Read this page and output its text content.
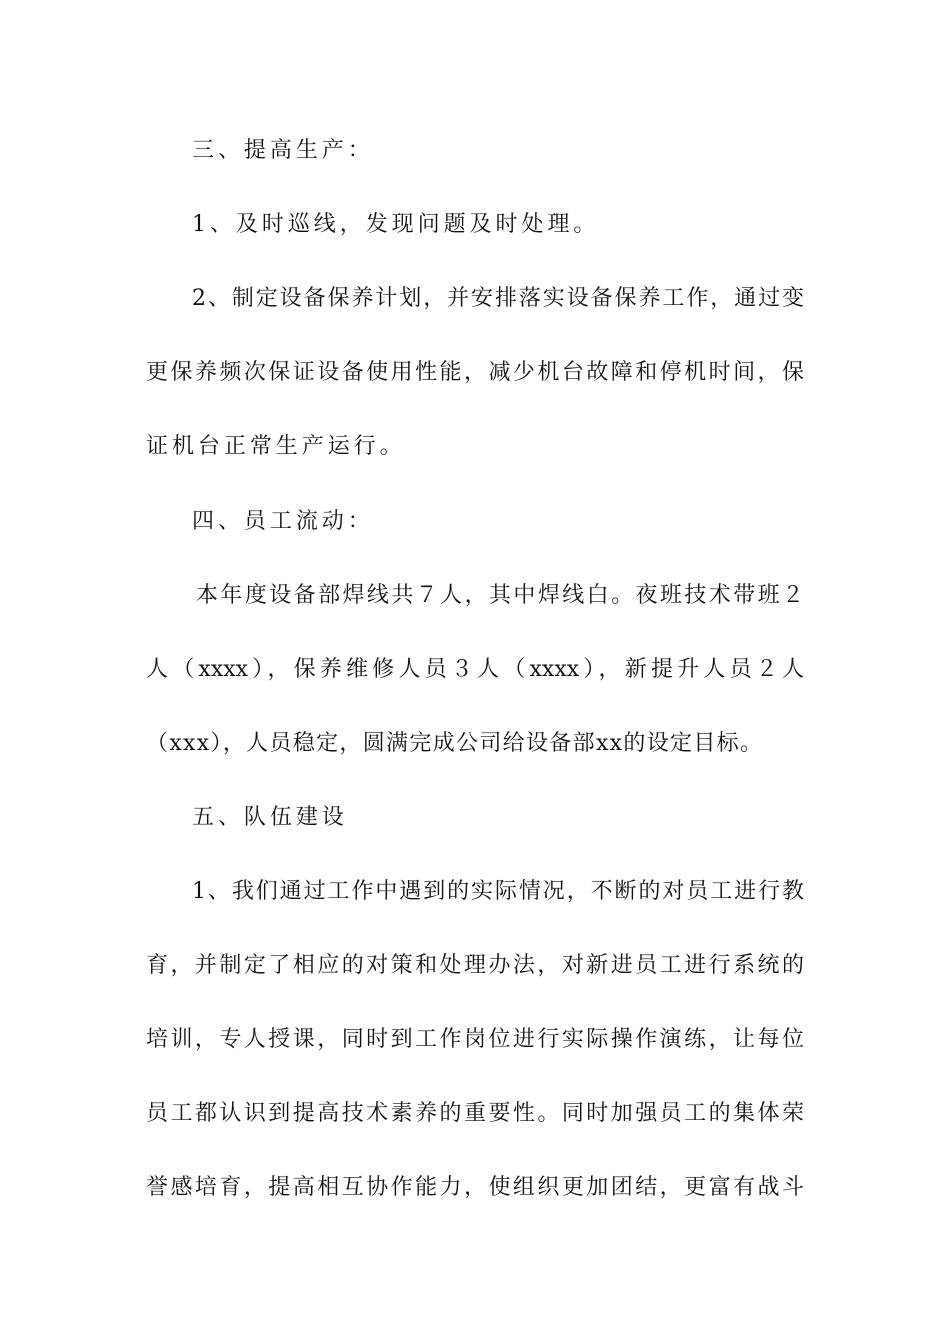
三、提高生产：
1、及时巡线，发现问题及时处理。
2、制定设备保养计划，并安排落实设备保养工作，通过变
更保养频次保证设备使用性能，减少机台故障和停机时间，保
证机台正常生产运行。
四、员工流动：
本年度设备部焊线共７人，其中焊线白。夜班技术带班２
人（xxxx），保养维修人员３人（xxxx），新提升人员２人
（xxx），人员稳定，圆满完成公司给设备部xx的设定目标。
五、队伍建设
1、我们通过工作中遇到的实际情况，不断的对员工进行教
育，并制定了相应的对策和处理办法，对新进员工进行系统的
培训，专人授课，同时到工作岗位进行实际操作演练，让每位
员工都认识到提高技术素养的重要性。同时加强员工的集体荣
誉感培育，提高相互协作能力，使组织更加团结，更富有战斗
